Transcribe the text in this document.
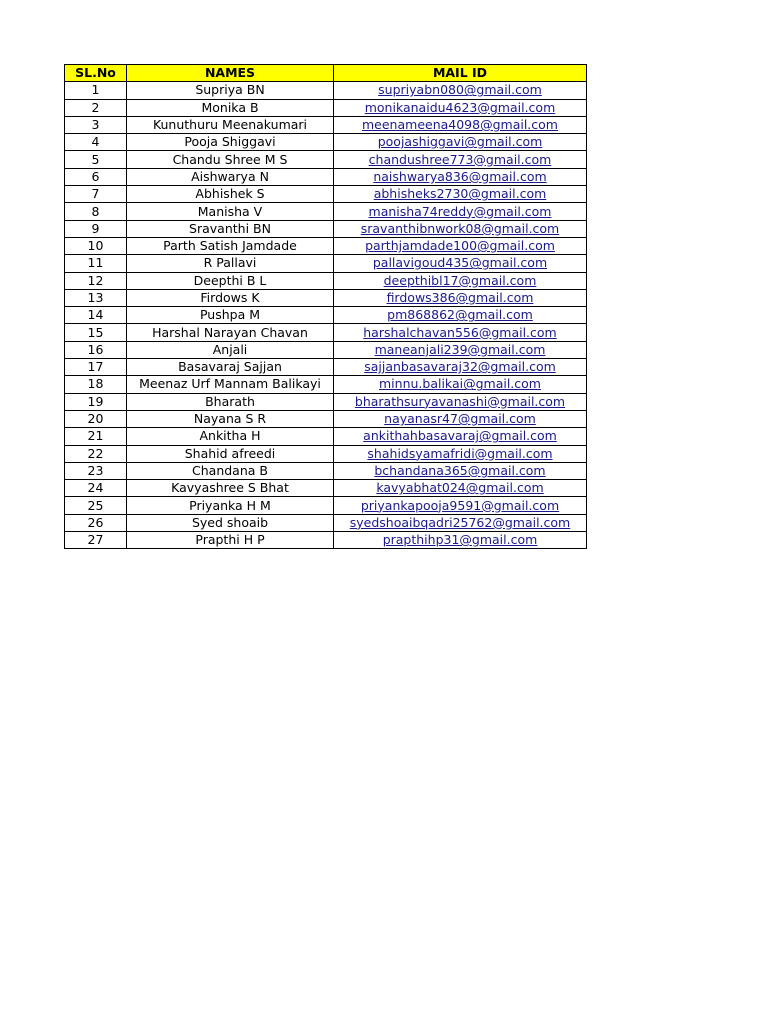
SL.No	NAMES	MAIL ID
1	Supriya BN	supriyabn080@gmail.com
2	Monika B	monikanaidu4623@gmail.com
3	Kunuthuru Meenakumari	meenameena4098@gmail.com
4	Pooja Shiggavi	poojashiggavi@gmail.com
5	Chandu Shree M S	chandushree773@gmail.com
6	Aishwarya N	naishwarya836@gmail.com
7	Abhishek S	abhisheks2730@gmail.com
8	Manisha V	manisha74reddy@gmail.com
9	Sravanthi BN	sravanthibnwork08@gmail.com
10	Parth Satish Jamdade	parthjamdade100@gmail.com
11	R Pallavi	pallavigoud435@gmail.com
12	Deepthi B L	deepthibl17@gmail.com
13	Firdows K	firdows386@gmail.com
14	Pushpa M	pm868862@gmail.com
15	Harshal Narayan Chavan	harshalchavan556@gmail.com
16	Anjali	maneanjali239@gmail.com
17	Basavaraj Sajjan	sajjanbasavaraj32@gmail.com
18	Meenaz Urf Mannam Balikayi	minnu.balikai@gmail.com
19	Bharath	bharathsuryavanashi@gmail.com
20	Nayana S R	nayanasr47@gmail.com
21	Ankitha H	ankithahbasavaraj@gmail.com
22	Shahid afreedi	shahidsyamafridi@gmail.com
23	Chandana B	bchandana365@gmail.com
24	Kavyashree S Bhat	kavyabhat024@gmail.com
25	Priyanka H M	priyankapooja9591@gmail.com
26	Syed shoaib	syedshoaibqadri25762@gmail.com
27	Prapthi H P	prapthihp31@gmail.com
